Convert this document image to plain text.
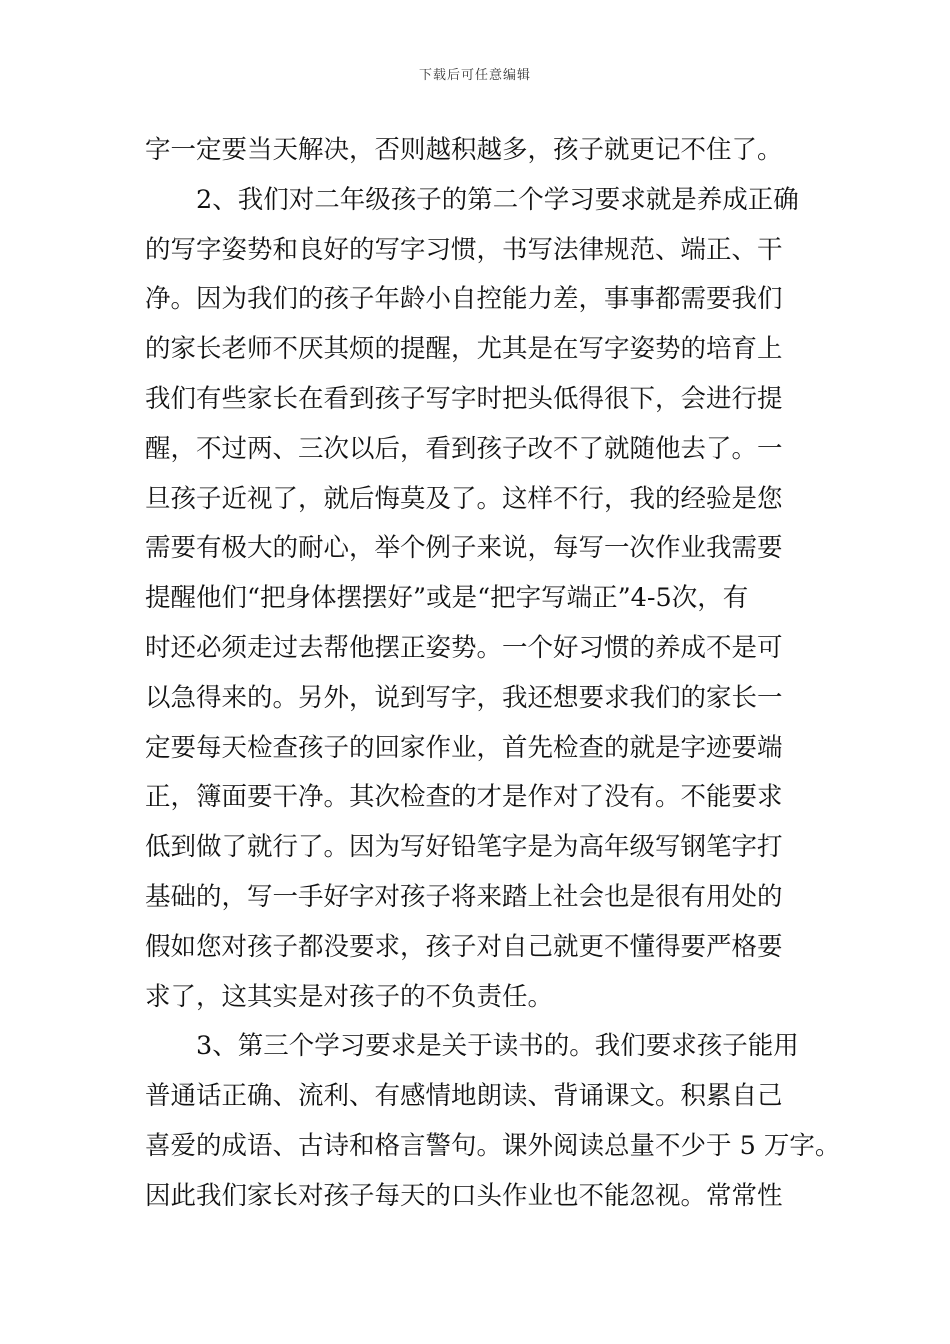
下载后可任意编辑
字一定要当天解决，否则越积越多，孩子就更记不住了。
　　2、我们对二年级孩子的第二个学习要求就是养成正确
的写字姿势和良好的写字习惯，书写法律规范、端正、干
净。因为我们的孩子年龄小自控能力差，事事都需要我们
的家长老师不厌其烦的提醒，尤其是在写字姿势的培育上
我们有些家长在看到孩子写字时把头低得很下，会进行提
醒，不过两、三次以后，看到孩子改不了就随他去了。一
旦孩子近视了，就后悔莫及了。这样不行，我的经验是您
需要有极大的耐心，举个例子来说，每写一次作业我需要
提醒他们“把身体摆摆好”或是“把字写端正”4-5次，有
时还必须走过去帮他摆正姿势。一个好习惯的养成不是可
以急得来的。另外，说到写字，我还想要求我们的家长一
定要每天检查孩子的回家作业，首先检查的就是字迹要端
正，簿面要干净。其次检查的才是作对了没有。不能要求
低到做了就行了。因为写好铅笔字是为高年级写钢笔字打
基础的，写一手好字对孩子将来踏上社会也是很有用处的
假如您对孩子都没要求，孩子对自己就更不懂得要严格要
求了，这其实是对孩子的不负责任。
　　3、第三个学习要求是关于读书的。我们要求孩子能用
普通话正确、流利、有感情地朗读、背诵课文。积累自己
喜爱的成语、古诗和格言警句。课外阅读总量不少于 5 万字。
因此我们家长对孩子每天的口头作业也不能忽视。常常性
